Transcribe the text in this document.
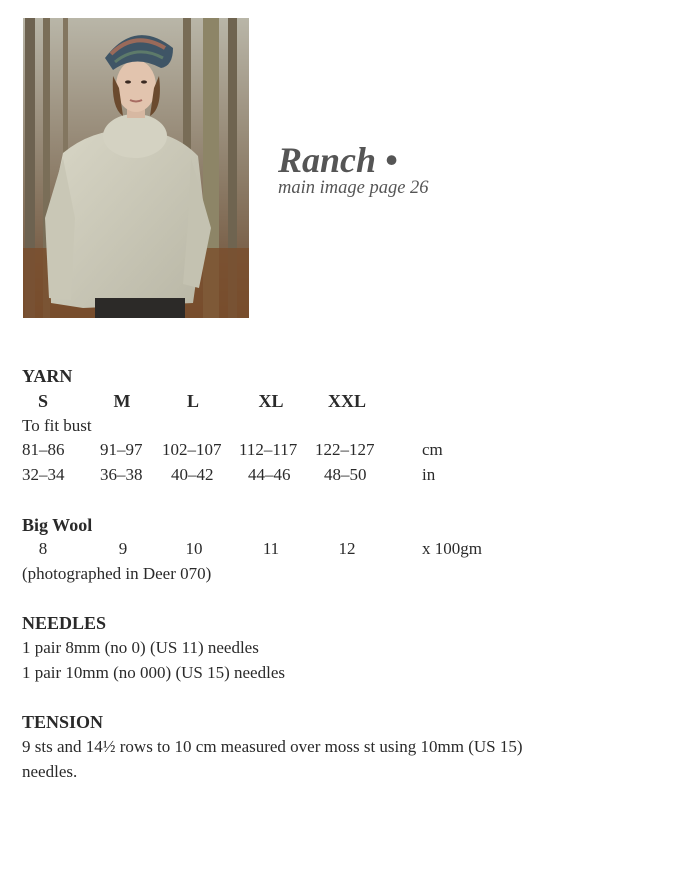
Ranch •
main image page 26
YARN
S	M	L	XL	XXL
To fit bust
81–86 91–97 102–107 112–117 122–127	cm
32–34 36–38 40–42 44–46 48–50	in
Big Wool
8	9	10	11	12	x 100gm
(photographed in Deer 070)
NEEDLES
1 pair 8mm (no 0) (US 11) needles
1 pair 10mm (no 000) (US 15) needles
TENSION
9 sts and 14½ rows to 10 cm measured over moss st using 10mm (US 15)
needles.
